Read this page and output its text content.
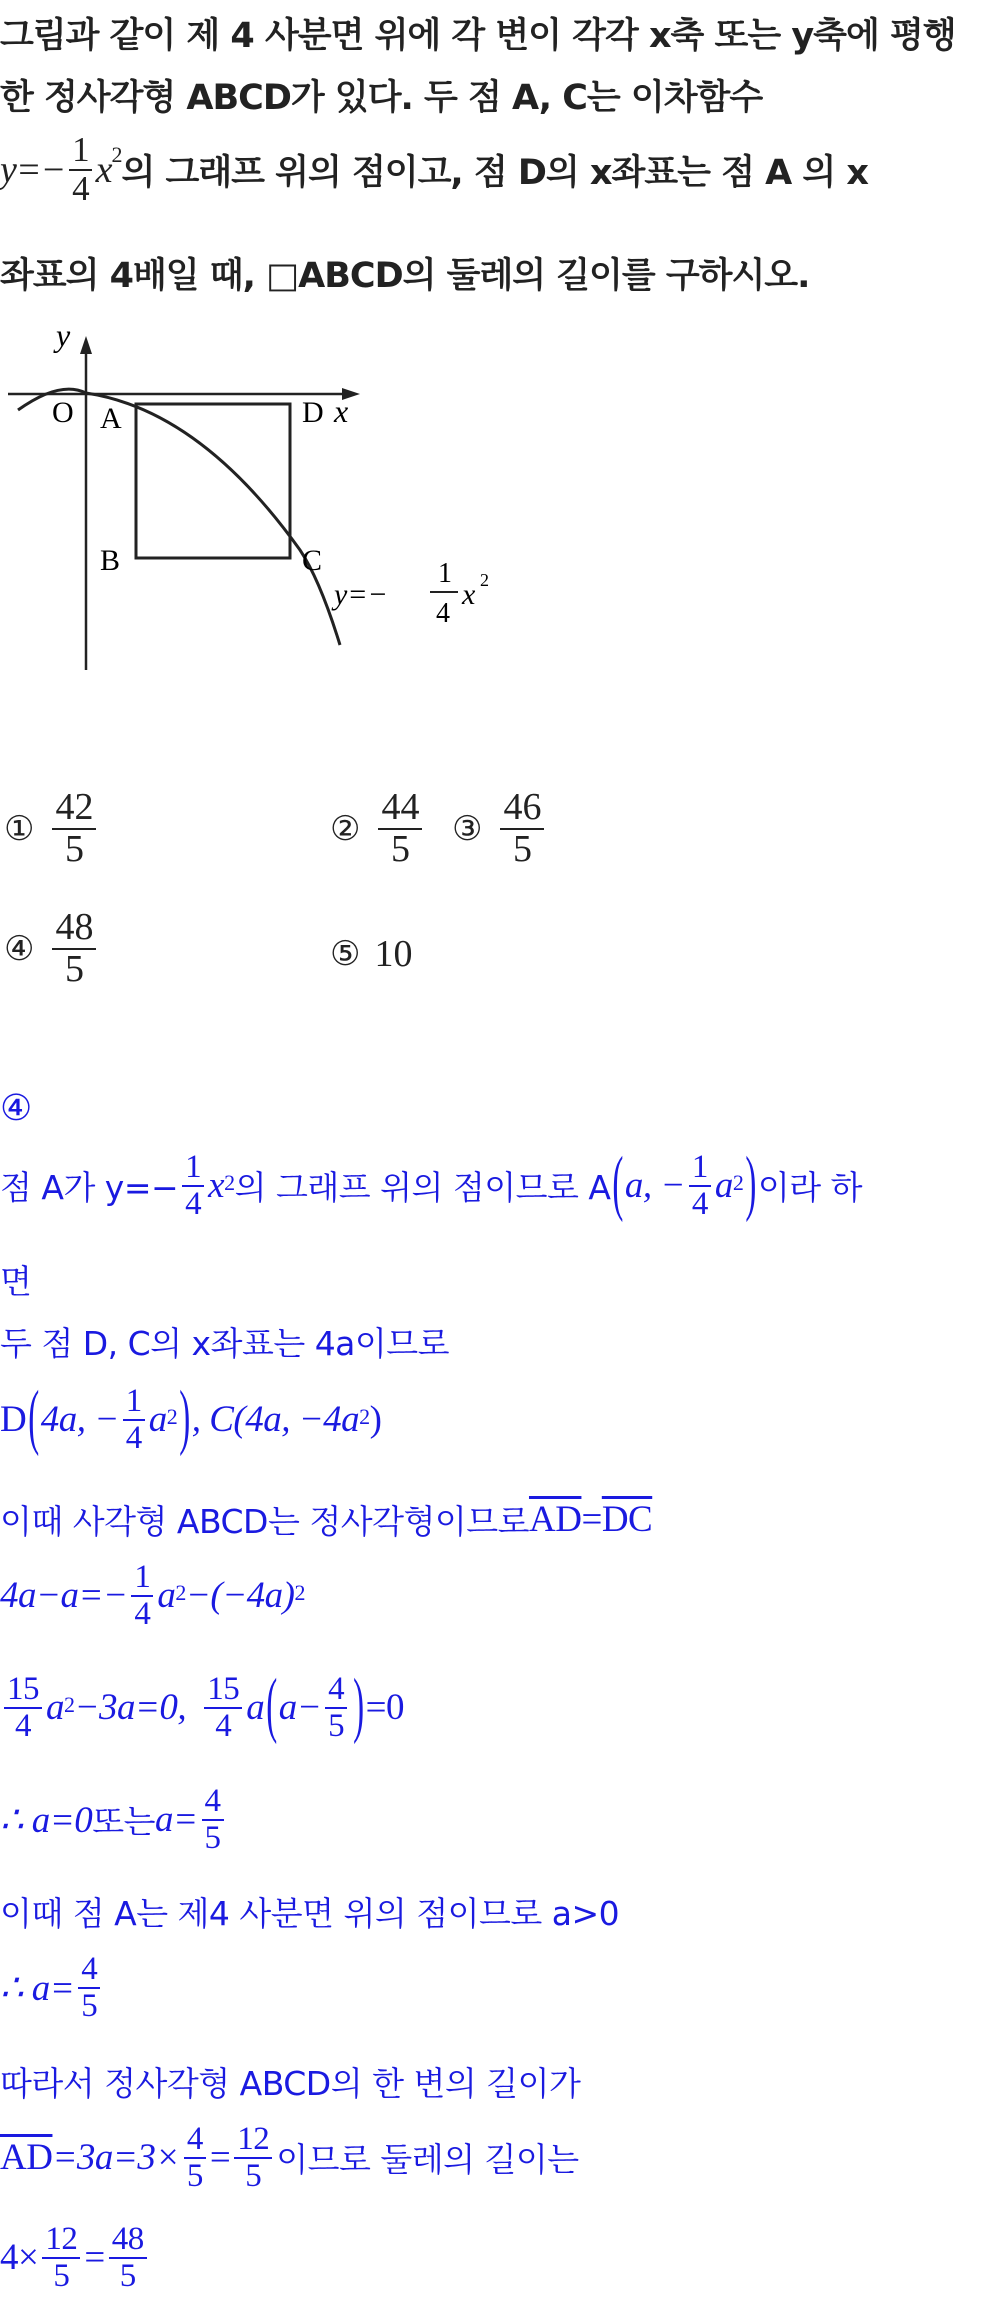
그림과 같이 제 4 사분면 위에 각 변이 각각 x축 또는 y축에 평행
한 정사각형 ABCD가 있다. 두 점 A, C는 이차함수
$y=- \frac{1}{4} x^2$ 의 그래프 위의 점이고, 점 D의 x좌표는 점 A 의 x
좌표의 4배일 때, □ABCD의 둘레의 길이를 구하시오.
y
O A	D x
B	C
y=−
1
4
x 2
① $\frac{42}{5}$	② $\frac{44}{5}$ ③ $\frac{46}{5}$
④ $\frac{48}{5}$	⑤ 10
④
점 A가 $y=- \frac{1}{4}$ x 2 의 그래프 위의 점이므로 A ( a, − $\frac{1}{4}$ a 2 ) 이라 하
면
두 점 D, C의 x좌표는 4a이므로
D ( 4a, − $\frac{1}{4}$ a 2 ) , C(4a, −4a 2 )
이때 사각형 ABCD는 정사각형이므로 $\overline{AD} = \overline{DC}$
$4a-a=- \frac{1}{4}$ a 2 −(−4a) 2
$\frac{15}{4}$ a 2 −3a=0, $\frac{15}{4}$ a ( $a- \frac{4}{5}$ ) =0
∴ a=0 또는 $a= \frac{4}{5}$
이때 점 A는 제4 사분면 위의 점이므로 a>0
∴ $a= \frac{4}{5}$
따라서 정사각형 ABCD의 한 변의 길이가
$\overline{AD} =3a=3\times \frac{4}{5} = \frac{12}{5}$ 이므로 둘레의 길이는
$4\times \frac{12}{5} = \frac{48}{5}$
